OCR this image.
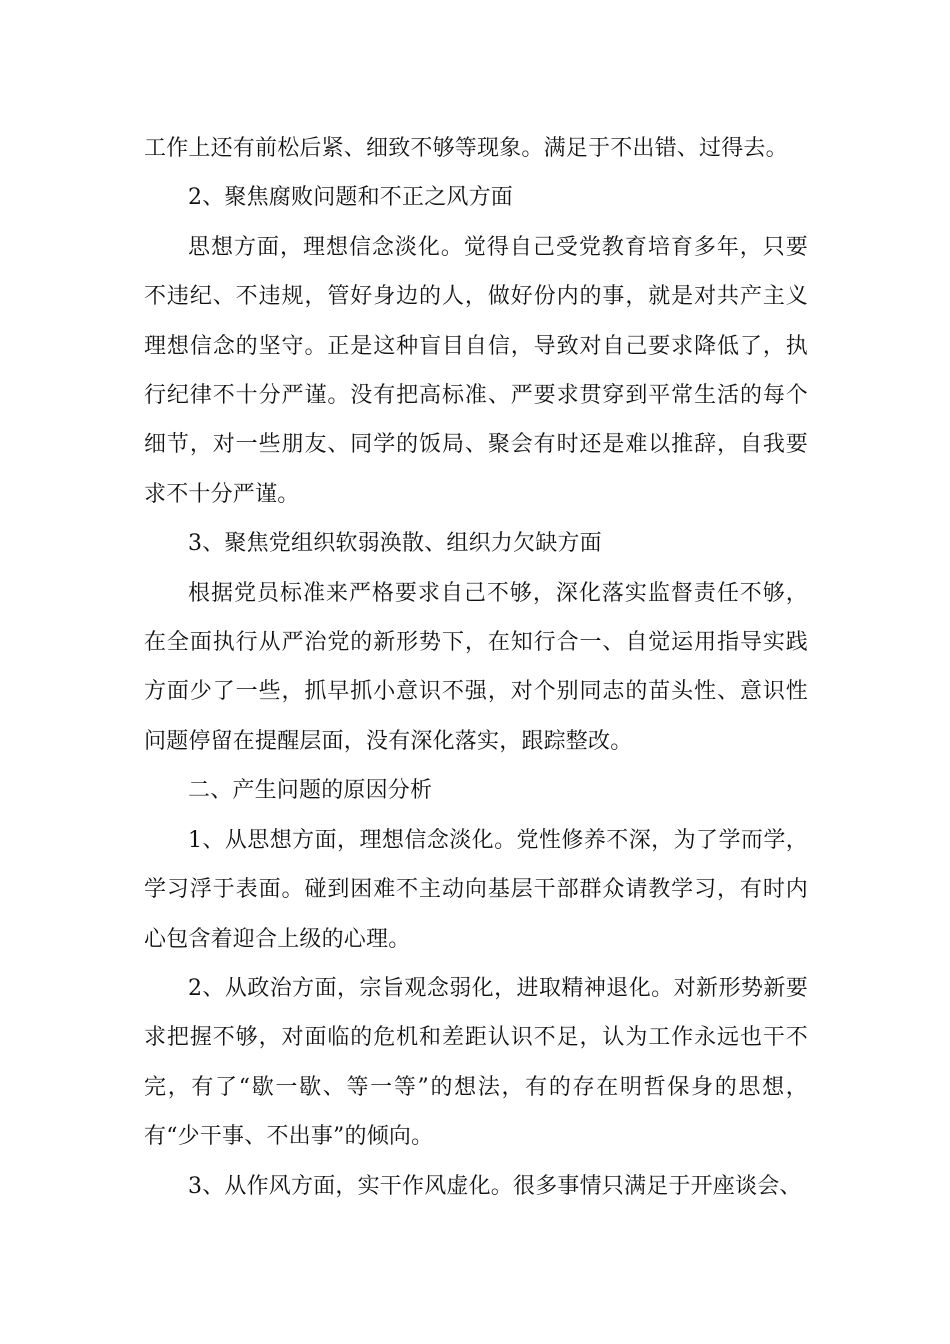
工作上还有前松后紧、细致不够等现象。满足于不出错、过得去。

2、聚焦腐败问题和不正之风方面

思想方面，理想信念淡化。觉得自己受党教育培育多年，只要不违纪、不违规，管好身边的人，做好份内的事，就是对共产主义理想信念的坚守。正是这种盲目自信，导致对自己要求降低了，执行纪律不十分严谨。没有把高标准、严要求贯穿到平常生活的每个细节，对一些朋友、同学的饭局、聚会有时还是难以推辞，自我要求不十分严谨。

3、聚焦党组织软弱涣散、组织力欠缺方面

根据党员标准来严格要求自己不够，深化落实监督责任不够，在全面执行从严治党的新形势下，在知行合一、自觉运用指导实践方面少了一些，抓早抓小意识不强，对个别同志的苗头性、意识性问题停留在提醒层面，没有深化落实，跟踪整改。

二、产生问题的原因分析

1、从思想方面，理想信念淡化。党性修养不深，为了学而学，学习浮于表面。碰到困难不主动向基层干部群众请教学习，有时内心包含着迎合上级的心理。

2、从政治方面，宗旨观念弱化，进取精神退化。对新形势新要求把握不够，对面临的危机和差距认识不足，认为工作永远也干不完，有了“歇一歇、等一等”的想法，有的存在明哲保身的思想，有“少干事、不出事”的倾向。

3、从作风方面，实干作风虚化。很多事情只满足于开座谈会、
